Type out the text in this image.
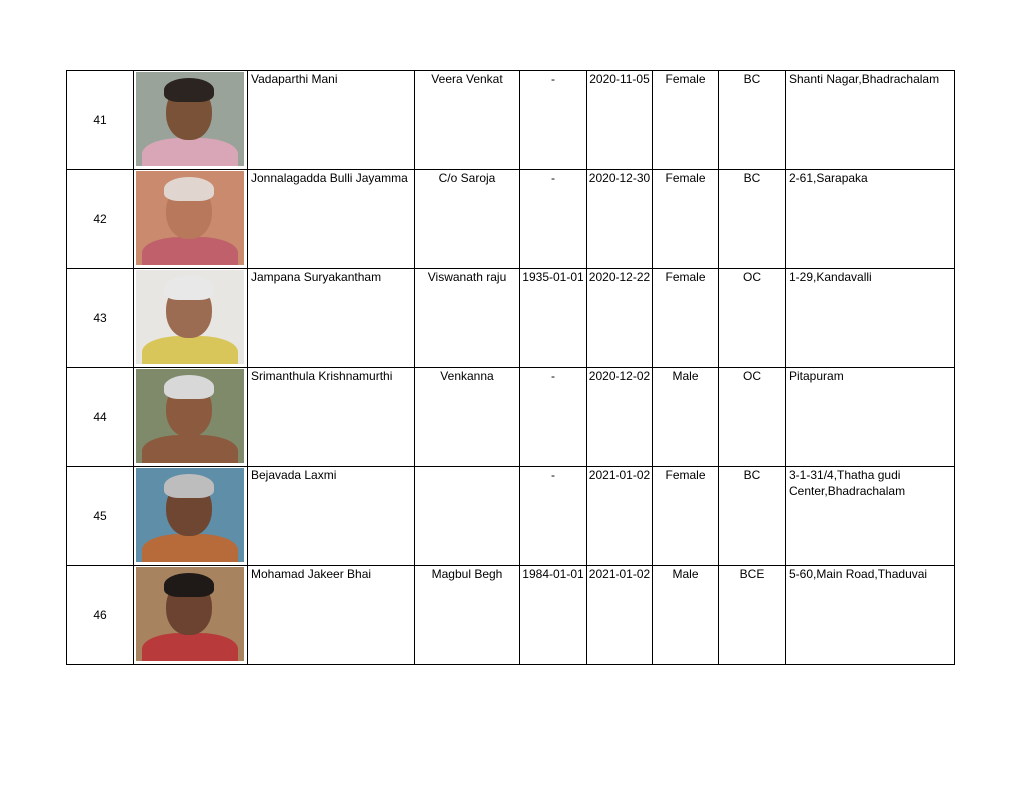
41		Vadaparthi Mani	Veera Venkat	-	2020-11-05	Female	BC	Shanti Nagar,Bhadrachalam
42		Jonnalagadda Bulli Jayamma	C/o Saroja	-	2020-12-30	Female	BC	2-61,Sarapaka
43		Jampana Suryakantham	Viswanath raju	1935-01-01	2020-12-22	Female	OC	1-29,Kandavalli
44		Srimanthula Krishnamurthi	Venkanna	-	2020-12-02	Male	OC	Pitapuram
45		Bejavada Laxmi		-	2021-01-02	Female	BC	3-1-31/4,Thatha gudi Center,Bhadrachalam
46		Mohamad Jakeer Bhai	Magbul Begh	1984-01-01	2021-01-02	Male	BCE	5-60,Main Road,Thaduvai
